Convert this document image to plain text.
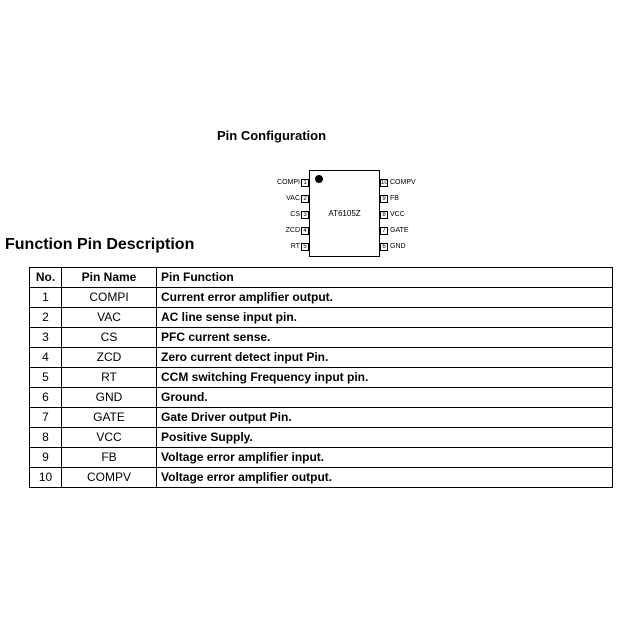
Pin Configuration
AT6105Z
COMPI 1
VAC 2
CS 3
ZCD 4
RT 5
10 COMPV
9 FB
8 VCC
7 GATE
6 GND
Function Pin Description
No.	Pin Name	Pin Function
1	COMPI	Current error amplifier output.
2	VAC	AC line sense input pin.
3	CS	PFC current sense.
4	ZCD	Zero current detect input Pin.
5	RT	CCM switching Frequency input pin.
6	GND	Ground.
7	GATE	Gate Driver output Pin.
8	VCC	Positive Supply.
9	FB	Voltage error amplifier input.
10	COMPV	Voltage error amplifier output.
